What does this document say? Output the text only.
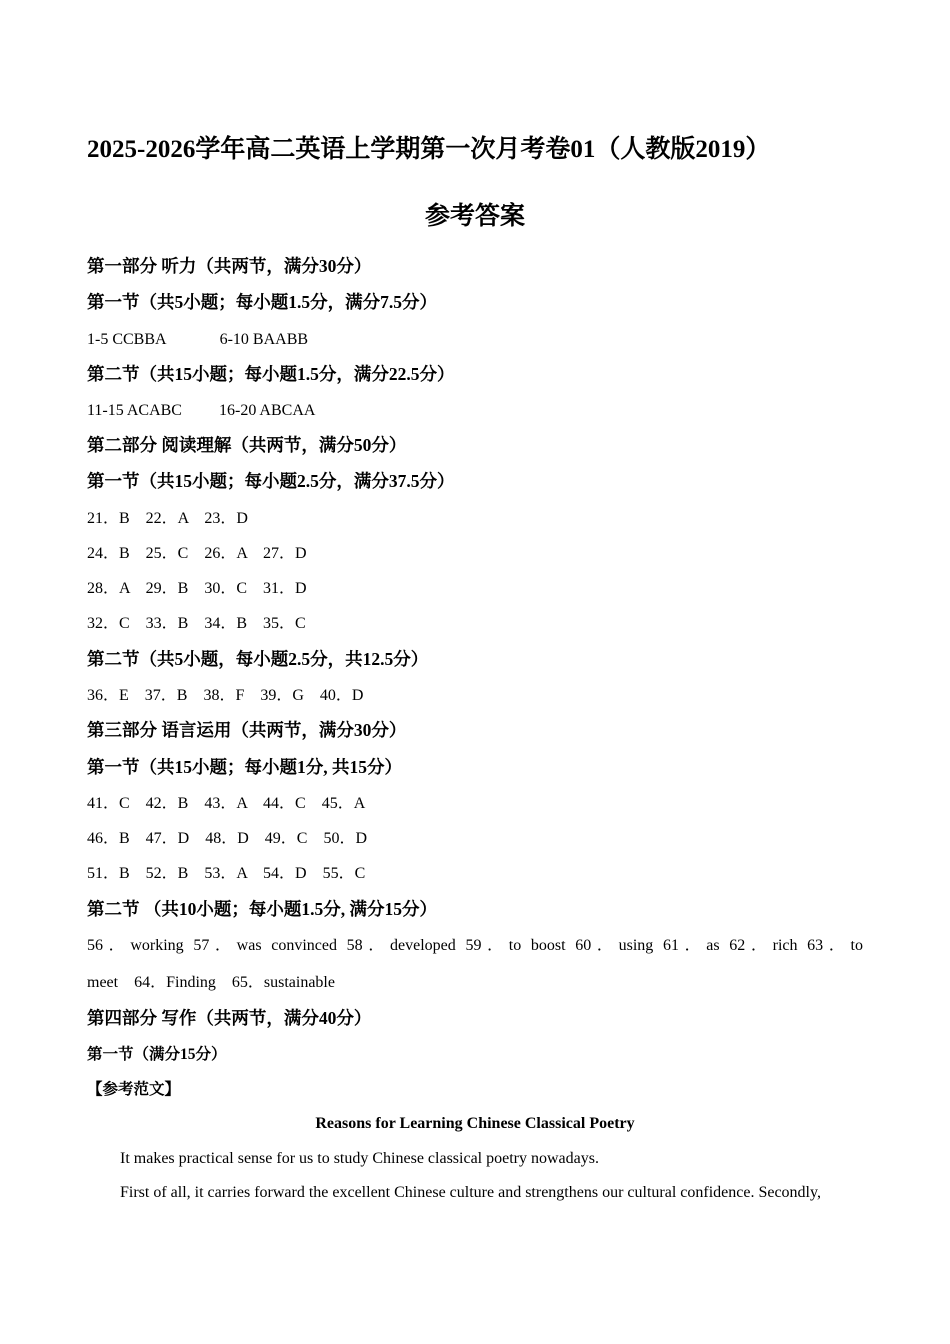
2025-2026学年高二英语上学期第一次月考卷01（人教版2019）
参考答案
第一部分 听力（共两节，满分30分）
第一节（共5小题；每小题1.5分，满分7.5分）
1-5 CCBBA	6-10 BAABB
第二节（共15小题；每小题1.5分，满分22.5分）
11-15 ACABC 16-20 ABCAA
第二部分 阅读理解（共两节，满分50分）
第一节（共15小题；每小题2.5分，满分37.5分）
21．B    22．A    23．D
24．B    25．C    26．A    27．D
28．A    29．B    30．C    31．D
32．C    33．B    34．B    35．C
第二节（共5小题，每小题2.5分，共12.5分）
36．E    37．B    38．F    39．G    40．D
第三部分 语言运用（共两节，满分30分）
第一节（共15小题；每小题1分, 共15分）
41．C    42．B    43．A    44．C    45．A
46．B    47．D    48．D    49．C    50．D
51．B    52．B    53．A    54．D    55．C
第二节 （共10小题；每小题1.5分, 满分15分）
56．working 57．was convinced 58．developed 59．to boost 60．using 61．as 62．rich 63．to
meet    64．Finding    65．sustainable
第四部分 写作（共两节，满分40分）
第一节（满分15分）
【参考范文】
Reasons for Learning Chinese Classical Poetry
It makes practical sense for us to study Chinese classical poetry nowadays.
First of all, it carries forward the excellent Chinese culture and strengthens our cultural confidence. Secondly,
